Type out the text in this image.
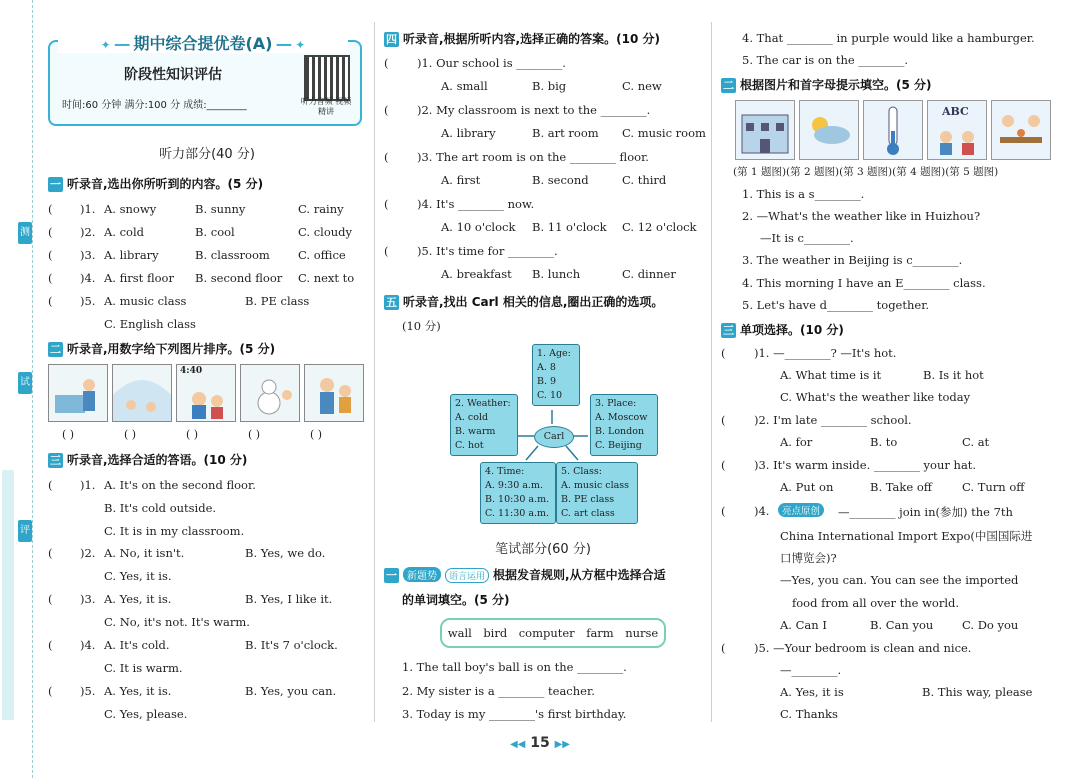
测
试
评
✦ ━━ 期中综合提优卷(A) ━━ ✦
阶段性知识评估
时间:60 分钟 满分:100 分 成绩:________	听力音频 视频精讲
听力部分(40 分)
一 听录音,选出你所听到的内容。(5 分)
( )1. A. snowy	B. sunny	C. rainy
( )2. A. cold	B. cool	C. cloudy
( )3. A. library	B. classroom C. office
( )4. A. first floor B. second floor C. next to
( )5. A. music class	B. PE class
C. English class
二 听录音,用数字给下列图片排序。(5 分)
4:40
( )	( )	( )	( )	( )
三 听录音,选择合适的答语。(10 分)
( )1. A. It's on the second floor.
B. It's cold outside.
C. It is in my classroom.
( )2. A. No, it isn't.	B. Yes, we do.
C. Yes, it is.
( )3. A. Yes, it is.	B. Yes, I like it.
C. No, it's not. It's warm.
( )4. A. It's cold.	B. It's 7 o'clock.
C. It is warm.
( )5. A. Yes, it is.	B. Yes, you can.
C. Yes, please.
四 听录音,根据所听内容,选择正确的答案。(10 分)
( )1. Our school is ________.
A. small	B. big	C. new
( )2. My classroom is next to the ________.
A. library	B. art room C. music room
( )3. The art room is on the ________ floor.
A. first	B. second	C. third
( )4. It's ________ now.
A. 10 o'clock B. 11 o'clock C. 12 o'clock
( )5. It's time for ________.
A. breakfast B. lunch	C. dinner
五 听录音,找出 Carl 相关的信息,圈出正确的选项。
(10 分)
1. Age:
A. 8
B. 9
C. 10
2. Weather:
A. cold
B. warm
C. hot
Carl
3. Place:
A. Moscow
B. London
C. Beijing
4. Time:
A. 9:30 a.m.
B. 10:30 a.m.
C. 11:30 a.m.
5. Class:
A. music class
B. PE class
C. art class
笔试部分(60 分)
一 新题势 语言运用 根据发音规则,从方框中选择合适
的单词填空。(5 分)
wall bird computer farm nurse
1. The tall boy's ball is on the ________.
2. My sister is a ________ teacher.
3. Today is my ________'s first birthday.
4. That ________ in purple would like a hamburger.
5. The car is on the ________.
二 根据图片和首字母提示填空。(5 分)
ABC
(第 1 题图)(第 2 题图)(第 3 题图)(第 4 题图)(第 5 题图)
1. This is a s________.
2. —What's the weather like in Huizhou?
—It is c________.
3. The weather in Beijing is c________.
4. This morning I have an E________ class.
5. Let's have d________ together.
三 单项选择。(10 分)
( )1. —________? —It's hot.
A. What time is it	B. Is it hot
C. What's the weather like today
( )2. I'm late ________ school.
A. for	B. to	C. at
( )3. It's warm inside. ________ your hat.
A. Put on	B. Take off	C. Turn off
( )4.	亮点原创	—________ join in(参加) the 7th
China International Import Expo(中国国际进
口博览会)?
—Yes, you can. You can see the imported
food from all over the world.
A. Can I	B. Can you C. Do you
( )5. —Your bedroom is clean and nice.
—________.
A. Yes, it is	B. This way, please
C. Thanks
◀◀ 15 ▶▶
